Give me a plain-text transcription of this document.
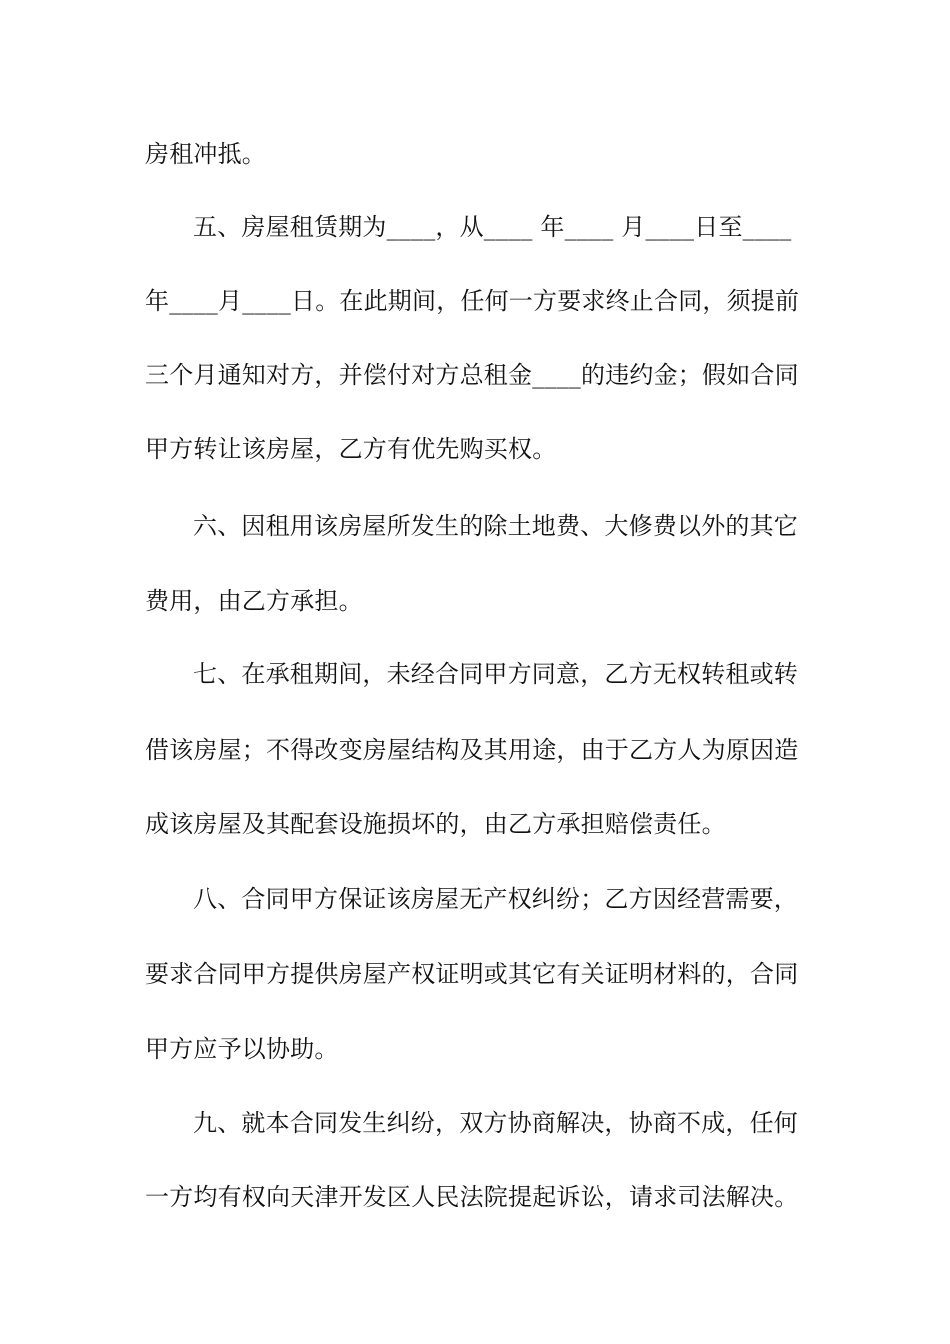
房租冲抵。
五、房屋租赁期为____，从____ 年____ 月____日至____
年____月____日。在此期间，任何一方要求终止合同，须提前
三个月通知对方，并偿付对方总租金____的违约金；假如合同
甲方转让该房屋，乙方有优先购买权。
六、因租用该房屋所发生的除土地费、大修费以外的其它
费用，由乙方承担。
七、在承租期间，未经合同甲方同意，乙方无权转租或转
借该房屋；不得改变房屋结构及其用途，由于乙方人为原因造
成该房屋及其配套设施损坏的，由乙方承担赔偿责任。
八、合同甲方保证该房屋无产权纠纷；乙方因经营需要，
要求合同甲方提供房屋产权证明或其它有关证明材料的，合同
甲方应予以协助。
九、就本合同发生纠纷，双方协商解决，协商不成，任何
一方均有权向天津开发区人民法院提起诉讼，请求司法解决。
